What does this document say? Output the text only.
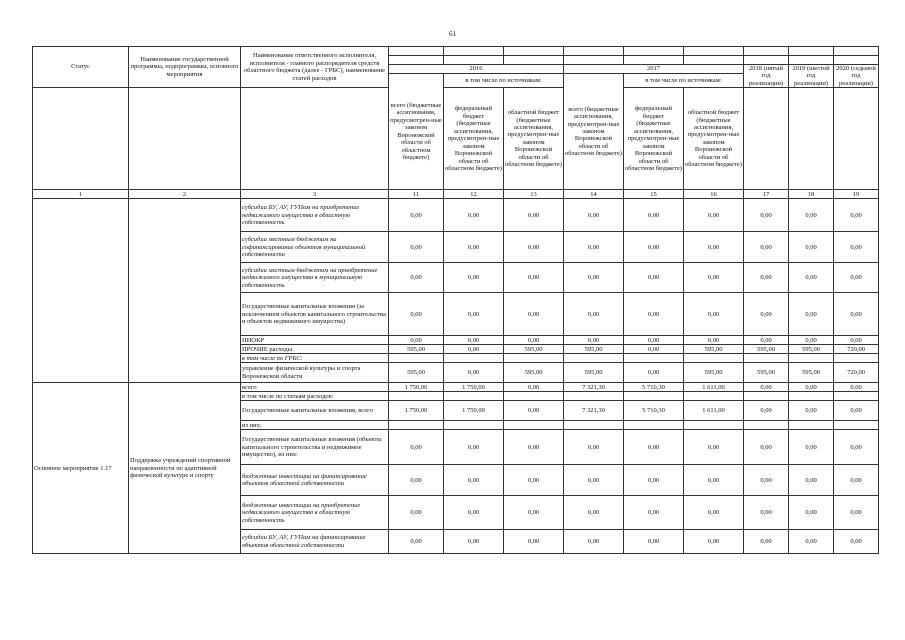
61
Статус	Наименование государственной программы, подпрограммы, основного мероприятия	Наименование ответственного исполнителя, исполнителя - главного распорядителя средств областного бюджета (далее - ГРБС), наименование статей расходов									

			2016			2017			2018 (пятый год реализации)	2019 (шестой год реализации)	2020 (седьмой год реализации)
			всего (бюджетные ассигнования, предусмотрен-ные законом Воронежской области об областном бюджете)	в том числе по источникам:		всего (бюджетные ассигнования, предусмотрен-ные законом Воронежской области об областном бюджете)	в том числе по источникам:				
				федеральный бюджет (бюджетные ассигнования, предусмотрен-ные законом Воронежской области об областном бюджете)	областной бюджет (бюджетные ассигнования, предусмотрен-ные законом Воронежской области об областном бюджете)		федеральный бюджет (бюджетные ассигнования, предусмотрен-ные законом Воронежской области об областном бюджете)	областной бюджет (бюджетные ассигнования, предусмотрен-ные законом Воронежской области об областном бюджете)			
1	2	3	11	12	13	14	15	16	17	18	19
		субсидии БУ, АУ, ГУПам на приобретение недвижимого имущества в областную собственность	0,00	0,00	0,00	0,00	0,00	0,00	0,00	0,00	0,00
		субсидии местным бюджетам на софинансирование объектов муниципальной собственности	0,00	0,00	0,00	0,00	0,00	0,00	0,00	0,00	0,00
		субсидии местным бюджетам на приобретение недвижимого имущества в муниципальную собственность	0,00	0,00	0,00	0,00	0,00	0,00	0,00	0,00	0,00
		Государственные капитальные вложения (за исключением объектов капитального строительства и объектов недвижимого имущества)	0,00	0,00	0,00	0,00	0,00	0,00	0,00	0,00	0,00
		НИОКР	0,00	0,00	0,00	0,00	0,00	0,00	0,00	0,00	0,00
		ПРОЧИЕ расходы	595,00	0,00	595,00	595,00	0,00	595,00	595,00	595,00	720,00
		в том числе по ГРБС:									
		управление физической культуры и спорта Воронежской области	595,00	0,00	595,00	595,00	0,00	595,00	595,00	595,00	720,00
Основное мероприятие 1.17	Поддержка учреждений спортивной направленности по адаптивной физической культуре и спорту	всего	1 750,00	1 750,00	0,00	7 321,30	5 710,30	1 611,00	0,00	0,00	0,00
		в том числе по статьям расходов:									
		Государственные капитальные вложения, всего	1 750,00	1 750,00	0,00	7 321,30	5 710,30	1 611,00	0,00	0,00	0,00
		из них:									
		Государственные капитальные вложения (объекты капитального строительства и недвижимое имущество), из них:	0,00	0,00	0,00	0,00	0,00	0,00	0,00	0,00	0,00
		бюджетные инвестиции на финансирование объектов областной собственности	0,00	0,00	0,00	0,00	0,00	0,00	0,00	0,00	0,00
		бюджетные инвестиции на приобретение недвижимого имущества в областную собственность	0,00	0,00	0,00	0,00	0,00	0,00	0,00	0,00	0,00
		субсидии БУ, АУ, ГУПам на финансирование объектов областной собственности	0,00	0,00	0,00	0,00	0,00	0,00	0,00	0,00	0,00
